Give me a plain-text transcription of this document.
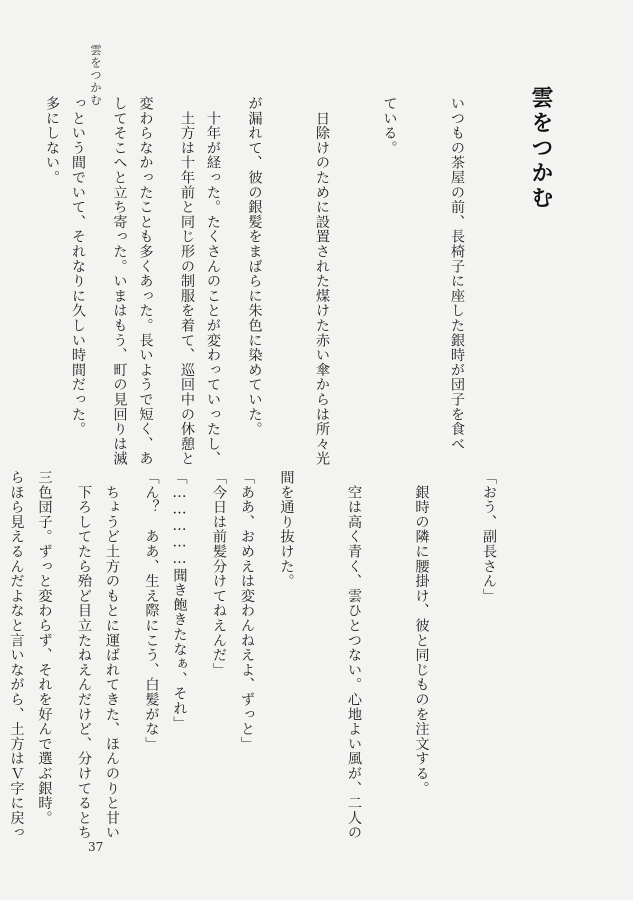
雲をつかむ
雲をつかむ

いつもの茶屋の前、長椅子に座した銀時が団子を食べ

ている。

　日除けのために設置された煤けた赤い傘からは所々光

が漏れて、彼の銀髪をまばらに朱色に染めていた。

　土方は十年前と同じ形の制服を着て、巡回中の休憩と

してそこへと立ち寄った。いまはもう、町の見回りは滅

多にしない。

	　十年が経った。たくさんのことが変わっていったし、

変わらなかったことも多くあった。長いようで短く、あ

っという間でいて、それなりに久しい時間だった。

「おう、副長さん」

　銀時の隣に腰掛け、彼と同じものを注文する。

　空は高く青く、雲ひとつない。心地よい風が、二人の

間を通り抜けた。

「今日は前髪分けてねえんだ」

「ん？　ああ、生え際にこう、白髪がな」

　下ろしてたら殆ど目立たねえんだけど、分けてるとち

らほら見えるんだよなと言いながら、土方はＶ字に戻っ

	「ああ、おめえは変わんねえよ、ずっと」

「……………聞き飽きたなぁ、それ」

　ちょうど土方のもとに運ばれてきた、ほんのりと甘い

三色団子。ずっと変わらず、それを好んで選ぶ銀時。

37
